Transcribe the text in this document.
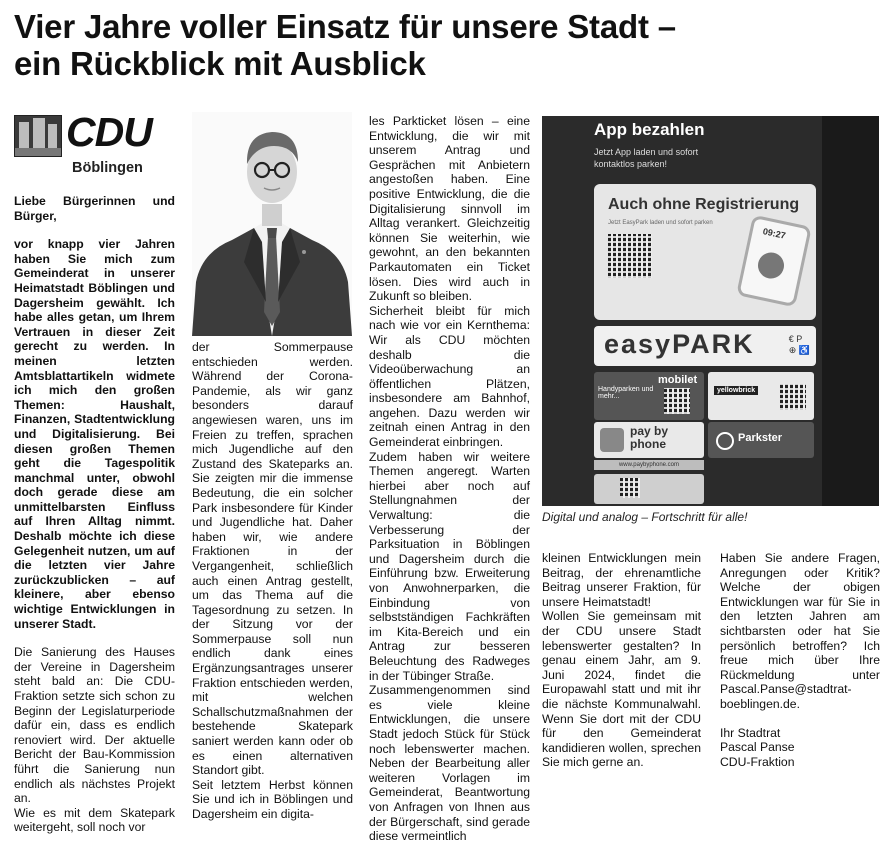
Vier Jahre voller Einsatz für unsere Stadt –
ein Rückblick mit Ausblick
CDU
Böblingen

Liebe Bürgerinnen und Bürger,

vor knapp vier Jahren haben Sie mich zum Gemeinderat in unserer Heimatstadt Böblingen und Dagersheim gewählt. Ich habe alles getan, um Ihrem Vertrauen in dieser Zeit gerecht zu werden. In meinen letzten Amtsblattartikeln widmete ich mich den großen Themen: Haushalt, Finanzen, Stadtentwicklung und Digitalisierung. Bei diesen großen Themen geht die Tagespolitik manchmal unter, obwohl doch gerade diese am unmittelbarsten Einfluss auf Ihren Alltag nimmt. Deshalb möchte ich diese Gelegenheit nutzen, um auf die letzten vier Jahre zurückzublicken – auf kleinere, aber ebenso wichtige Entwicklungen in unserer Stadt.

Die Sanierung des Hauses der Vereine in Dagersheim steht bald an: Die CDU-Fraktion setzte sich schon zu Beginn der Legislaturperiode dafür ein, dass es endlich renoviert wird. Der aktuelle Bericht der Bau-Kommission führt die Sanierung nun endlich als nächstes Projekt an.

Wie es mit dem Skatepark weitergeht, soll noch vor

der Sommerpause entschieden werden. Während der Corona-Pandemie, als wir ganz besonders darauf angewiesen waren, uns im Freien zu treffen, sprachen mich Jugendliche auf den Zustand des Skateparks an. Sie zeigten mir die immense Bedeutung, die ein solcher Park insbesondere für Kinder und Jugendliche hat. Daher haben wir, wie andere Fraktionen in der Vergangenheit, schließlich auch einen Antrag gestellt, um das Thema auf die Tagesordnung zu setzen. In der Sitzung vor der Sommerpause soll nun endlich dank eines Ergänzungsantrages unserer Fraktion entschieden werden, mit welchen Schallschutzmaßnahmen der bestehende Skatepark saniert werden kann oder ob es einen alternativen Standort gibt.

Seit letztem Herbst können Sie und ich in Böblingen und Dagersheim ein digita-

les Parkticket lösen – eine Entwicklung, die wir mit unserem Antrag und Gesprächen mit Anbietern angestoßen haben. Eine positive Entwicklung, die die Digitalisierung sinnvoll im Alltag verankert. Gleichzeitig können Sie weiterhin, wie gewohnt, an den bekannten Parkautomaten ein Ticket lösen. Dies wird auch in Zukunft so bleiben.

Sicherheit bleibt für mich nach wie vor ein Kernthema: Wir als CDU möchten deshalb die Videoüberwachung an öffentlichen Plätzen, insbesondere am Bahnhof, angehen. Dazu werden wir zeitnah einen Antrag in den Gemeinderat einbringen.

Zudem haben wir weitere Themen angeregt. Warten hierbei aber noch auf Stellungnahmen der Verwaltung: die Verbesserung der Parksituation in Böblingen und Dagersheim durch die Einführung bzw. Erweiterung von Anwohnerparken, die Einbindung von selbstständigen Fachkräften im Kita-Bereich und ein Antrag zur besseren Beleuchtung des Radweges in der Tübinger Straße.

Zusammengenommen sind es viele kleine Entwicklungen, die unsere Stadt jedoch Stück für Stück noch lebenswerter machen. Neben der Bearbeitung aller weiteren Vorlagen im Gemeinderat, Beantwortung von Anfragen von Ihnen aus der Bürgerschaft, sind gerade diese vermeintlich

App bezahlen
Jetzt App laden und sofort kontaktlos parken!
Auch ohne Registrierung
Jetzt EasyPark laden und sofort parken
09:27
easyPARK	€ P
⊕ ♿
mobilet
Handyparken und mehr...
yellowbrick
pay by
phone	Parkster
www.paybyphone.com
Digital und analog – Fortschritt für alle!

kleinen Entwicklungen mein Beitrag, der ehrenamtliche Beitrag unserer Fraktion, für unsere Heimatstadt!

Wollen Sie gemeinsam mit der CDU unsere Stadt lebenswerter gestalten? In genau einem Jahr, am 9. Juni 2024, findet die Europawahl statt und mit ihr die nächste Kommunalwahl. Wenn Sie dort mit der CDU für den Gemeinderat kandidieren wollen, sprechen Sie mich gerne an.

Haben Sie andere Fragen, Anregungen oder Kritik? Welche der obigen Entwicklungen war für Sie in den letzten Jahren am sichtbarsten oder hat Sie persönlich betroffen? Ich freue mich über Ihre Rückmeldung unter Pascal.Panse@stadtrat-boeblingen.de.

Ihr Stadtrat

Pascal Panse

CDU-Fraktion
